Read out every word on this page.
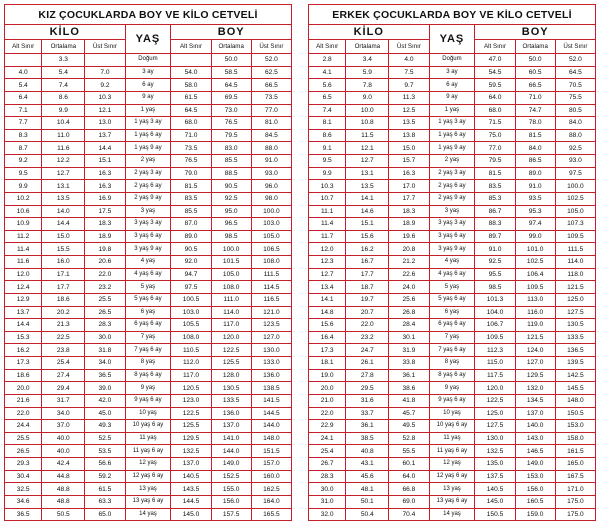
KIZ ÇOCUKLARDA BOY VE KİLO CETVELİ						
KİLO			YAŞ	BOY		
Alt Sınır	Ortalama	Üst Sınır		Alt Sınır	Ortalama	Üst Sınır
	3.3		Doğum		50.0	52.0
4.0	5.4	7.0	3 ay	54.0	58.5	62.5
5.4	7.4	9.2	6 ay	58.0	64.5	66.5
6.4	8.6	10.3	9 ay	61.5	69.5	73.5
7.1	9.9	12.1	1 yaş	64.5	73.0	77.0
7.7	10.4	13.0	1 yaş 3 ay	68.0	76.5	81.0
8.3	11.0	13.7	1 yaş 6 ay	71.0	79.5	84.5
8.7	11.6	14.4	1 yaş 9 ay	73.5	83.0	88.0
9.2	12.2	15.1	2 yaş	76.5	85.5	91.0
9.5	12.7	16.3	2 yaş 3 ay	79.0	88.5	93.0
9.9	13.1	16.3	2 yaş 6 ay	81.5	90.5	96.0
10.2	13.5	16.9	2 yaş 9 ay	83.5	92.5	98.0
10.6	14.0	17.5	3 yaş	85.5	95.0	100.0
10.9	14.4	18.3	3 yaş 3 ay	87.0	96.5	103.0
11.2	15.0	18.9	3 yaş 6 ay	89.0	98.5	105.0
11.4	15.5	19.8	3 yaş 9 ay	90.5	100.0	106.5
11.6	16.0	20.6	4 yaş	92.0	101.5	108.0
12.0	17.1	22.0	4 yaş 6 ay	94.7	105.0	111.5
12.4	17.7	23.2	5 yaş	97.5	108.0	114.5
12.9	18.6	25.5	5 yaş 6 ay	100.5	111.0	116.5
13.7	20.2	26.5	6 yaş	103.0	114.0	121.0
14.4	21.3	28.3	6 yaş 6 ay	105.5	117.0	123.5
15.3	22.5	30.0	7 yaş	108.0	120.0	127.0
16.2	23.8	31.8	7 yaş 6 ay	110.5	122.5	130.0
17.3	25.4	34.0	8 yaş	112.0	125.5	133.0
18.6	27.4	36.5	8 yaş 6 ay	117.0	128.0	136.0
20.0	29.4	39.0	9 yaş	120.5	130.5	138.5
21.6	31.7	42.0	9 yaş 6 ay	123.0	133.5	141.5
22.0	34.0	45.0	10 yaş	122.5	136.0	144.5
24.4	37.0	49.3	10 yaş 6 ay	125.5	137.0	144.0
25.5	40.0	52.5	11 yaş	129.5	141.0	148.0
26.5	40.0	53.5	11 yaş 6 ay	132.5	144.0	151.5
29.3	42.4	56.6	12 yaş	137.0	149.0	157.0
30.4	44.8	59.2	12 yaş 6 ay	140.5	152.5	160.0
32.5	48.8	61.5	13 yaş	143.5	155.0	162.5
34.6	48.8	63.3	13 yaş 6 ay	144.5	156.0	164.0
36.5	50.5	65.0	14 yaş	145.0	157.5	165.5
ERKEK ÇOCUKLARDA BOY VE KİLO CETVELİ						
KİLO			YAŞ	BOY		
Alt Sınır	Ortalama	Üst Sınır		Alt Sınır	Ortalama	Üst Sınır
2.8	3.4	4.0	Doğum	47.0	50.0	52.0
4.1	5.9	7.5	3 ay	54.5	60.5	64.5
5.6	7.8	9.7	6 ay	59.5	66.5	70.5
6.5	9.0	11.3	9 ay	64.0	71.0	75.5
7.4	10.0	12.5	1 yaş	68.0	74.7	80.5
8.1	10.8	13.5	1 yaş 3 ay	71.5	78.0	84.0
8.6	11.5	13.8	1 yaş 6 ay	75.0	81.5	88.0
9.1	12.1	15.0	1 yaş 9 ay	77.0	84.0	92.5
9.5	12.7	15.7	2 yaş	79.5	86.5	93.0
9.9	13.1	16.3	2 yaş 3 ay	81.5	89.0	97.5
10.3	13.5	17.0	2 yaş 6 ay	83.5	91.0	100.0
10.7	14.1	17.7	2 yaş 9 ay	85.3	93.5	102.5
11.1	14.6	18.3	3 yaş	86.7	95.3	105.0
11.4	15.1	18.9	3 yaş 3 ay	88.3	97.4	107.3
11.7	15.6	19.6	3 yaş 6 ay	89.7	99.0	109.5
12.0	16.2	20.8	3 yaş 9 ay	91.0	101.0	111.5
12.3	16.7	21.2	4 yaş	92.5	102.5	114.0
12.7	17.7	22.6	4 yaş 6 ay	95.5	106.4	118.0
13.4	18.7	24.0	5 yaş	98.5	109.5	121.5
14.1	19.7	25.6	5 yaş 6 ay	101.3	113.0	125.0
14.8	20.7	26.8	6 yaş	104.0	116.0	127.5
15.6	22.0	28.4	6 yaş 6 ay	106.7	119.0	130.5
16.4	23.2	30.1	7 yaş	109.5	121.5	133.5
17.3	24.7	31.9	7 yaş 6 ay	112.3	124.0	136.5
18.1	26.1	33.8	8 yaş	115.0	127.0	139.5
19.0	27.8	36.1	8 yaş 6 ay	117.5	129.5	142.5
20.0	29.5	38.6	9 yaş	120.0	132.0	145.5
21.0	31.6	41.8	9 yaş 6 ay	122.5	134.5	148.0
22.0	33.7	45.7	10 yaş	125.0	137.0	150.5
22.9	36.1	49.5	10 yaş 6 ay	127.5	140.0	153.0
24.1	38.5	52.8	11 yaş	130.0	143.0	158.0
25.4	40.8	55.5	11 yaş 6 ay	132.5	146.5	161.5
26.7	43.1	60.1	12 yaş	135.0	149.0	165.0
28.3	45.6	64.0	12 yaş 6 ay	137.5	153.0	167.5
30.0	48.1	66.8	13 yaş	140.5	156.0	171.0
31.0	50.1	69.0	13 yaş 6 ay	145.0	160.5	175.0
32.0	50.4	70.4	14 yaş	150.5	159.0	175.0
